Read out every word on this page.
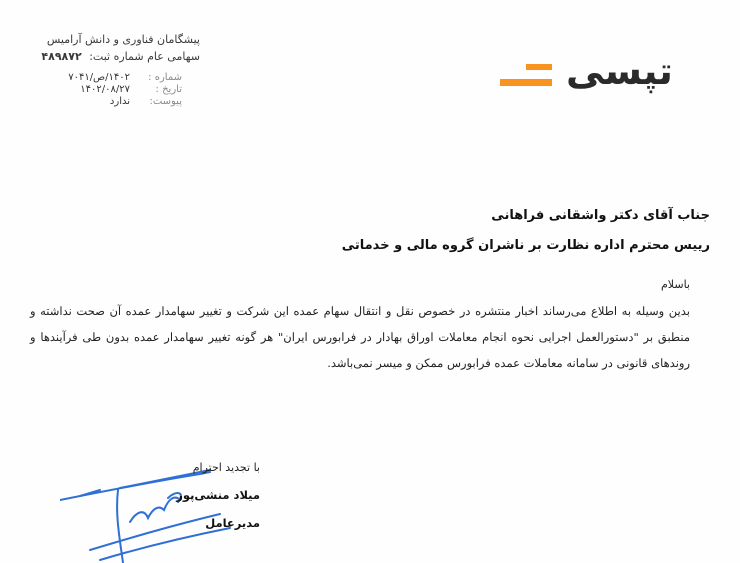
پیشگامان فناوری و دانش آرامیس
سهامی عام شماره ثبت: ۴۸۹۸۷۲
شماره :
۱۴۰۲/ص/۷۰۴۱
تاریخ :
۱۴۰۲/۰۸/۲۷
پیوست:
ندارد
تپسی
جناب آقای دکتر واشقانی فراهانی
رییس محترم اداره نظارت بر ناشران گروه مالی و خدماتی
باسلام
بدین وسیله به اطلاع می‌رساند اخبار منتشره در خصوص نقل و انتقال سهام عمده این شرکت و تغییر سهامدار عمده آن صحت نداشته و منطبق بر "دستورالعمل اجرایی نحوه انجام معاملات اوراق بهادار در فرابورس ایران" هر گونه تغییر سهامدار عمده بدون طی فرآیندها و روندهای قانونی در سامانه معاملات عمده فرابورس ممکن و میسر نمی‌باشد.
با تجدید احترام
میلاد منشی‌پور
مدیرعامل
